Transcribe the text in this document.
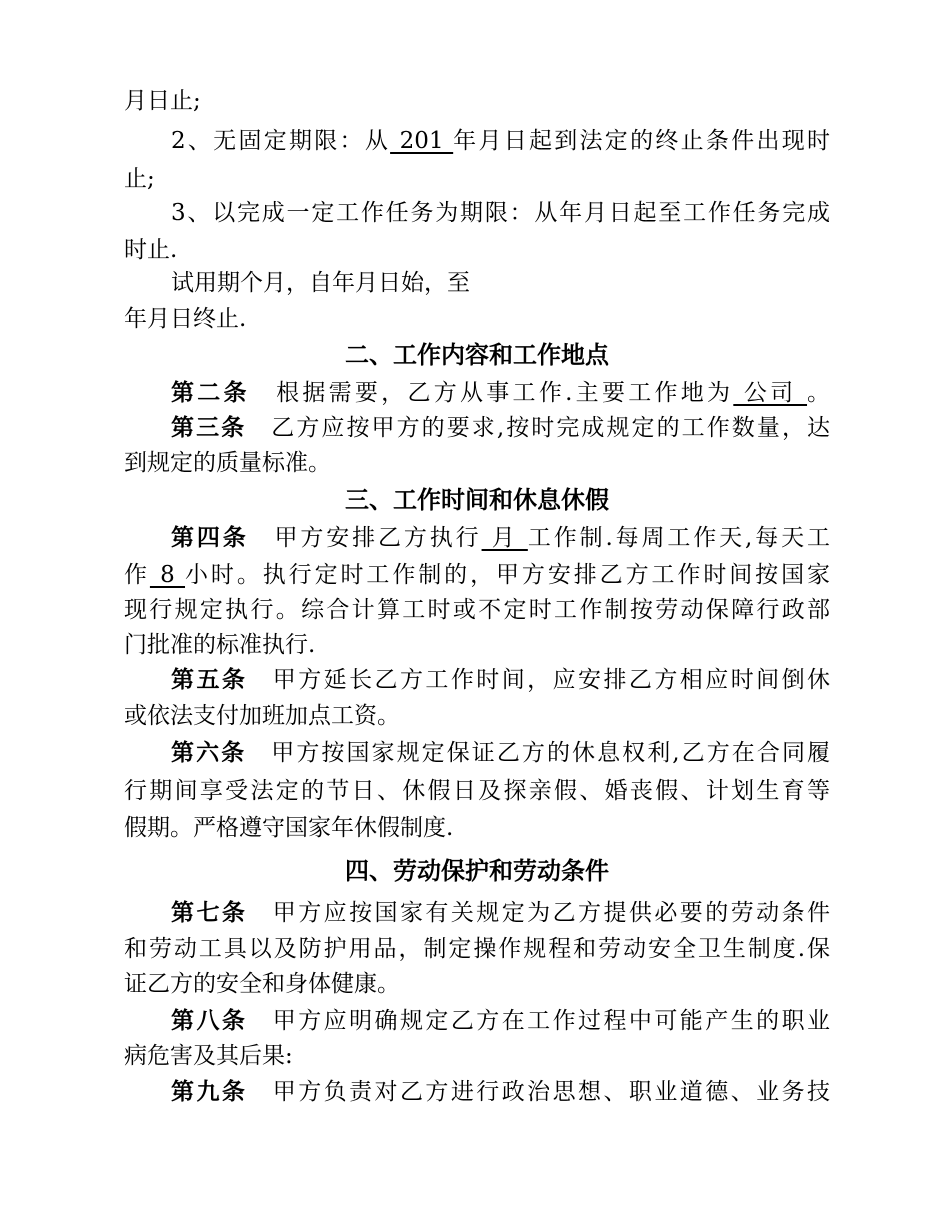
月日止;
2、无固定期限：从 201 年月日起到法定的终止条件出现时
止;
3、以完成一定工作任务为期限：从年月日起至工作任务完成
时止.
试用期个月，自年月日始，至
年月日终止.
二、工作内容和工作地点
第二条  根据需要，乙方从事工作.主要工作地为 公司 。
第三条  乙方应按甲方的要求,按时完成规定的工作数量，达
到规定的质量标准。
三、工作时间和休息休假
第四条  甲方安排乙方执行 月 工作制.每周工作天,每天工
作 8 小时。执行定时工作制的，甲方安排乙方工作时间按国家
现行规定执行。综合计算工时或不定时工作制按劳动保障行政部
门批准的标准执行.
第五条  甲方延长乙方工作时间，应安排乙方相应时间倒休
或依法支付加班加点工资。
第六条  甲方按国家规定保证乙方的休息权利,乙方在合同履
行期间享受法定的节日、休假日及探亲假、婚丧假、计划生育等
假期。严格遵守国家年休假制度.
四、劳动保护和劳动条件
第七条  甲方应按国家有关规定为乙方提供必要的劳动条件
和劳动工具以及防护用品，制定操作规程和劳动安全卫生制度.保
证乙方的安全和身体健康。
第八条  甲方应明确规定乙方在工作过程中可能产生的职业
病危害及其后果:
第九条  甲方负责对乙方进行政治思想、职业道德、业务技
